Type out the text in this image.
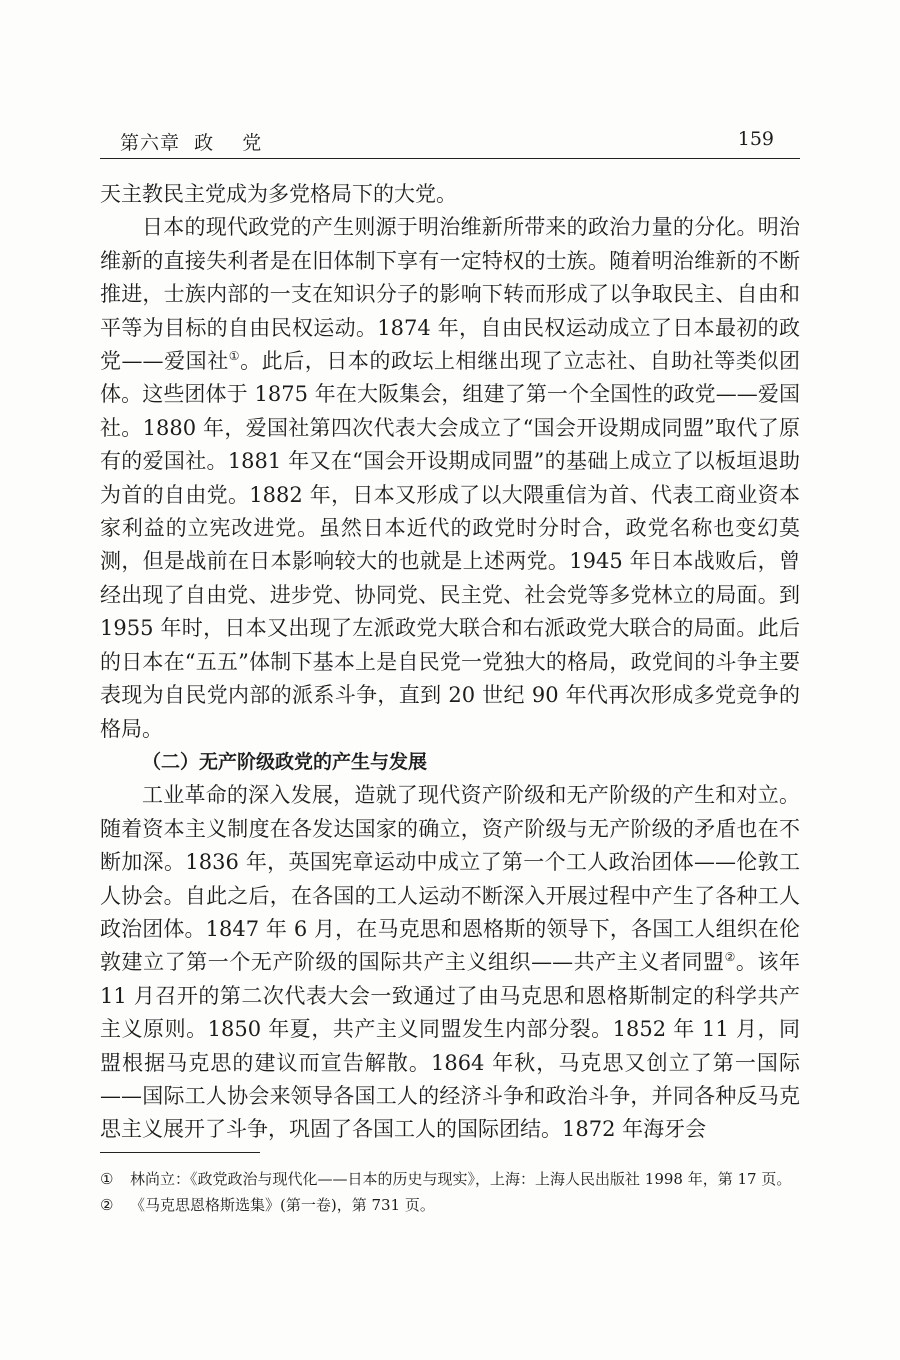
第六章  政    党	159

天主教民主党成为多党格局下的大党。

日本的现代政党的产生则源于明治维新所带来的政治力量的分化。明治维新的直接失利者是在旧体制下享有一定特权的士族。随着明治维新的不断推进，士族内部的一支在知识分子的影响下转而形成了以争取民主、自由和平等为目标的自由民权运动。1874 年，自由民权运动成立了日本最初的政党——爱国社①。此后，日本的政坛上相继出现了立志社、自助社等类似团体。这些团体于 1875 年在大阪集会，组建了第一个全国性的政党——爱国社。1880 年，爱国社第四次代表大会成立了“国会开设期成同盟”取代了原有的爱国社。1881 年又在“国会开设期成同盟”的基础上成立了以板垣退助为首的自由党。1882 年，日本又形成了以大隈重信为首、代表工商业资本家利益的立宪改进党。虽然日本近代的政党时分时合，政党名称也变幻莫测，但是战前在日本影响较大的也就是上述两党。1945 年日本战败后，曾经出现了自由党、进步党、协同党、民主党、社会党等多党林立的局面。到 1955 年时，日本又出现了左派政党大联合和右派政党大联合的局面。此后的日本在“五五”体制下基本上是自民党一党独大的格局，政党间的斗争主要表现为自民党内部的派系斗争，直到 20 世纪 90 年代再次形成多党竞争的格局。

（二）无产阶级政党的产生与发展

工业革命的深入发展，造就了现代资产阶级和无产阶级的产生和对立。随着资本主义制度在各发达国家的确立，资产阶级与无产阶级的矛盾也在不断加深。1836 年，英国宪章运动中成立了第一个工人政治团体——伦敦工人协会。自此之后，在各国的工人运动不断深入开展过程中产生了各种工人政治团体。1847 年 6 月，在马克思和恩格斯的领导下，各国工人组织在伦敦建立了第一个无产阶级的国际共产主义组织——共产主义者同盟②。该年 11 月召开的第二次代表大会一致通过了由马克思和恩格斯制定的科学共产主义原则。1850 年夏，共产主义同盟发生内部分裂。1852 年 11 月，同盟根据马克思的建议而宣告解散。1864 年秋，马克思又创立了第一国际——国际工人协会来领导各国工人的经济斗争和政治斗争，并同各种反马克思主义展开了斗争，巩固了各国工人的国际团结。1872 年海牙会

①	林尚立：《政党政治与现代化——日本的历史与现实》，上海：上海人民出版社 1998 年，第 17 页。
②	《马克思恩格斯选集》(第一卷)，第 731 页。
